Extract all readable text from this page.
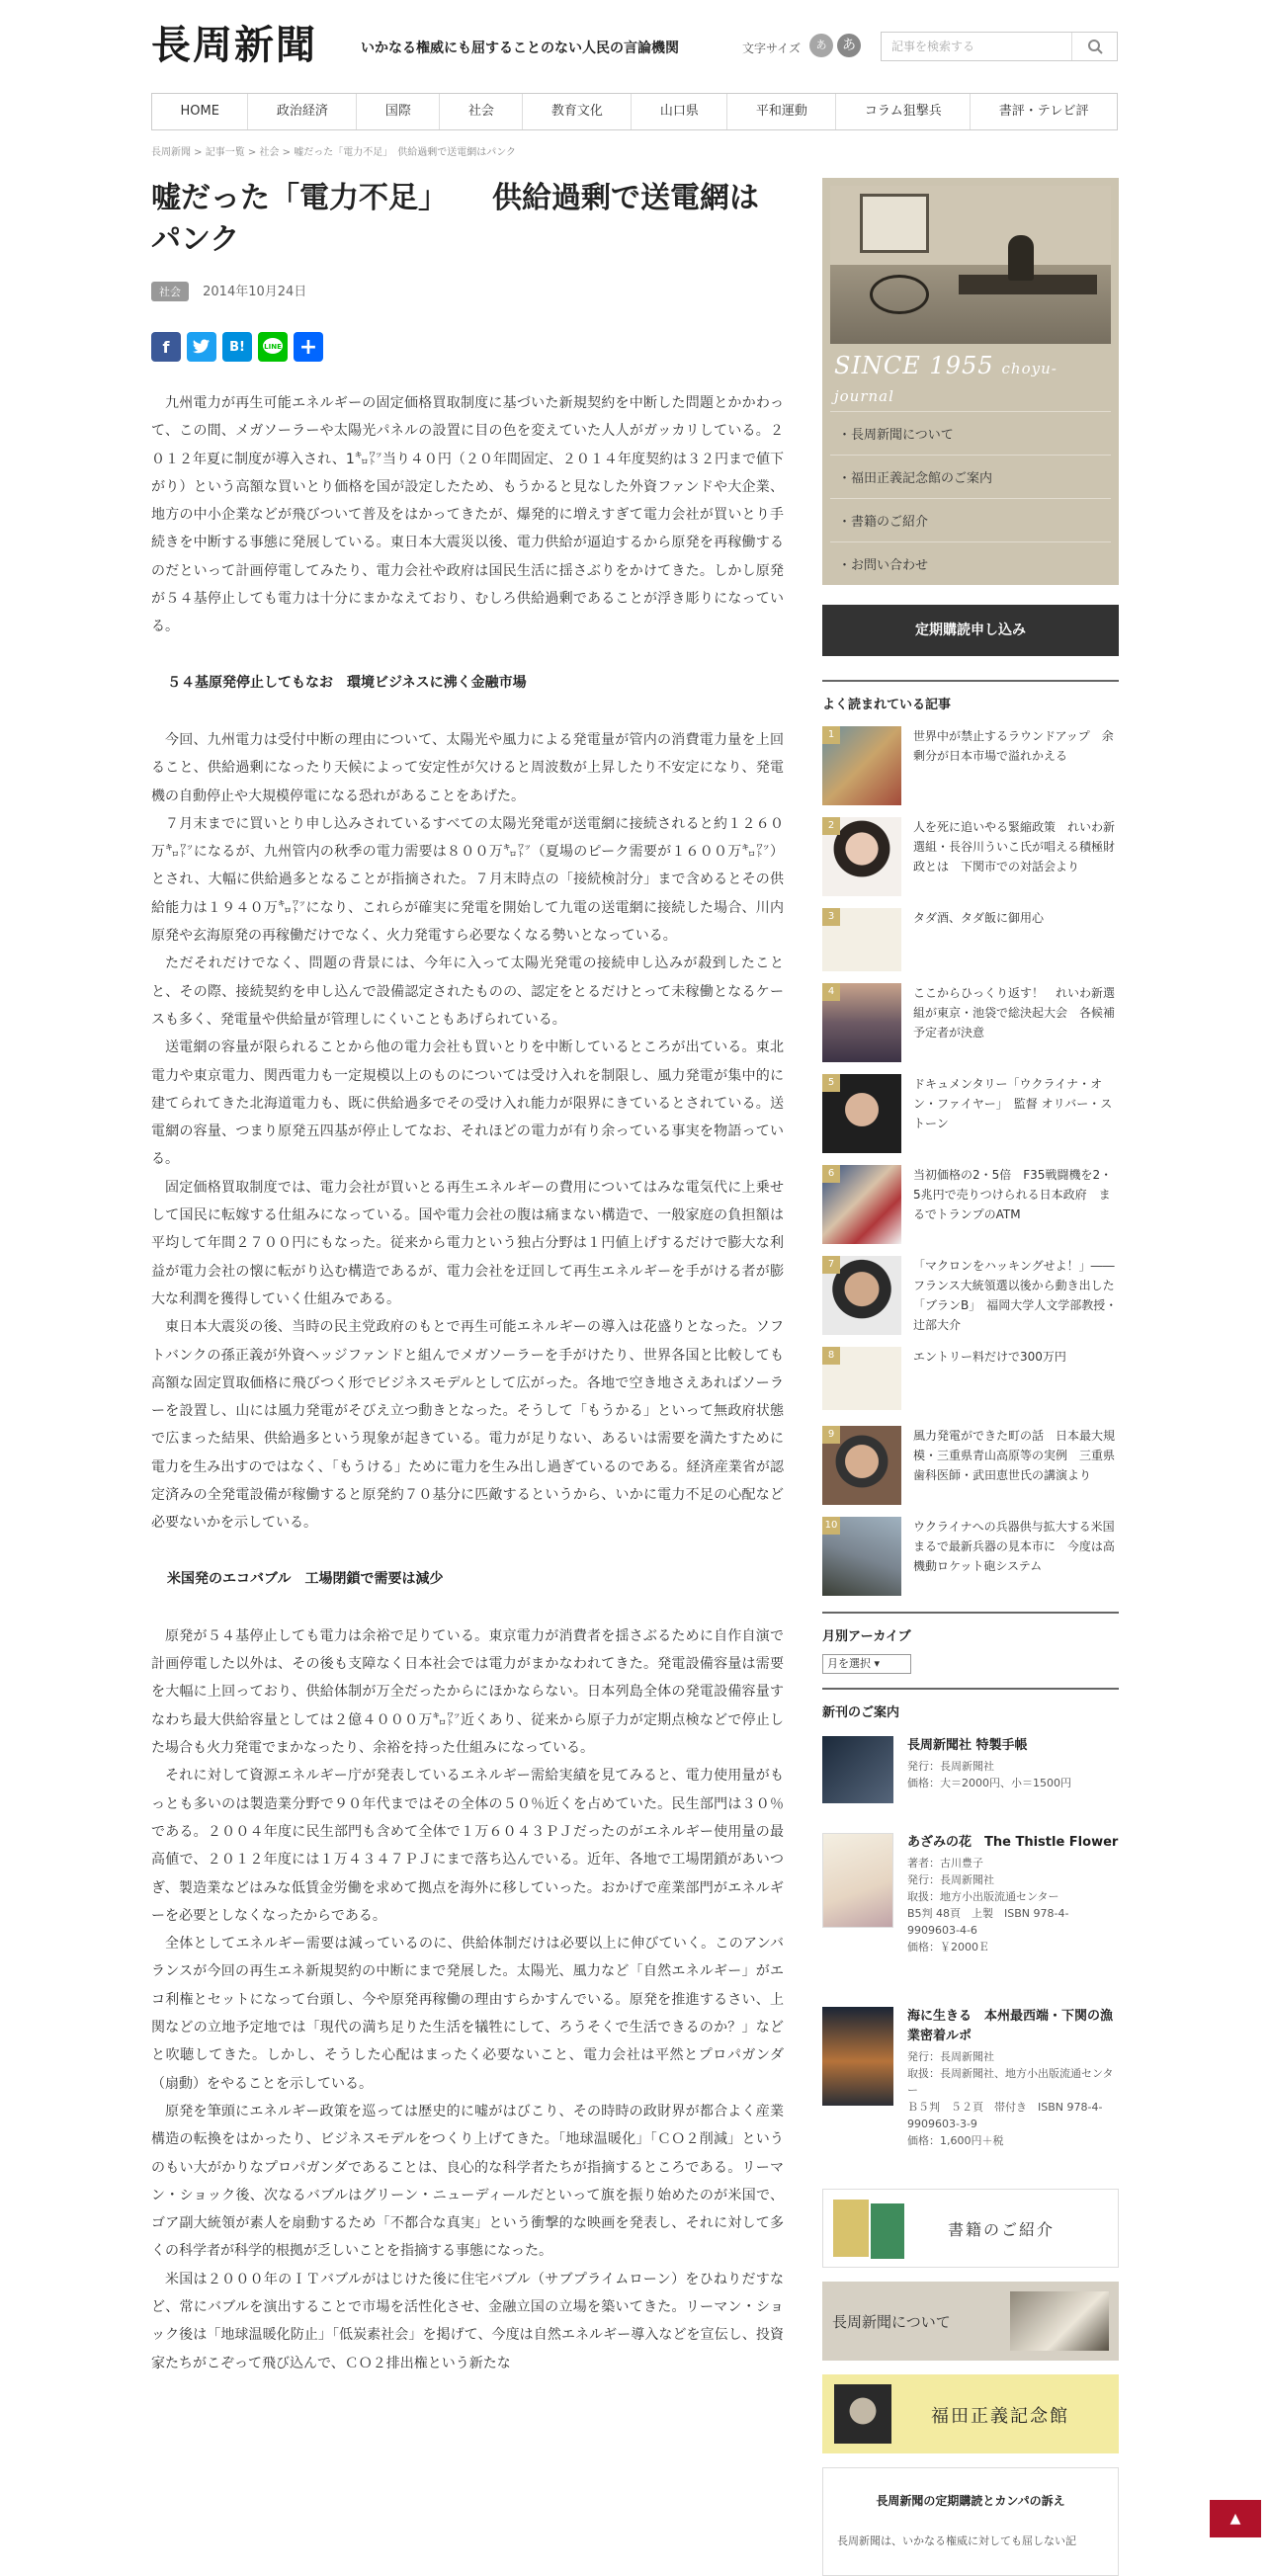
長周新聞	いかなる権威にも屈することのない人民の言論機関	文字サイズ	あ	あ
記事を検索する
HOME	政治経済	国際	社会	教育文化	山口県	平和運動	コラム狙撃兵	書評・テレビ評
長周新聞 > 記事一覧 > 社会 > 嘘だった「電力不足」　供給過剰で送電網はパンク
嘘だった「電力不足」　　供給過剰で送電網はパンク
社会 2014年10月24日
f	B!	LINE +

九州電力が再生可能エネルギーの固定価格買取制度に基づいた新規契約を中断した問題とかかわって、この間、メガソーラーや太陽光パネルの設置に目の色を変えていた人人がガッカリしている。２０１２年夏に制度が導入され、1㌔㍗当り４０円（２０年間固定、２０１４年度契約は３２円まで値下がり）という高額な買いとり価格を国が設定したため、もうかると見なした外資ファンドや大企業、地方の中小企業などが飛びついて普及をはかってきたが、爆発的に増えすぎて電力会社が買いとり手続きを中断する事態に発展している。東日本大震災以後、電力供給が逼迫するから原発を再稼働するのだといって計画停電してみたり、電力会社や政府は国民生活に揺さぶりをかけてきた。しかし原発が５４基停止しても電力は十分にまかなえており、むしろ供給過剰であることが浮き彫りになっている。

５４基原発停止してもなお　環境ビジネスに沸く金融市場

今回、九州電力は受付中断の理由について、太陽光や風力による発電量が管内の消費電力量を上回ること、供給過剰になったり天候によって安定性が欠けると周波数が上昇したり不安定になり、発電機の自動停止や大規模停電になる恐れがあることをあげた。

７月末までに買いとり申し込みされているすべての太陽光発電が送電網に接続されると約１２６０万㌔㍗になるが、九州管内の秋季の電力需要は８００万㌔㍗（夏場のピーク需要が１６００万㌔㍗）とされ、大幅に供給過多となることが指摘された。７月末時点の「接続検討分」まで含めるとその供給能力は１９４０万㌔㍗になり、これらが確実に発電を開始して九電の送電網に接続した場合、川内原発や玄海原発の再稼働だけでなく、火力発電すら必要なくなる勢いとなっている。

ただそれだけでなく、問題の背景には、今年に入って太陽光発電の接続申し込みが殺到したことと、その際、接続契約を申し込んで設備認定されたものの、認定をとるだけとって未稼働となるケースも多く、発電量や供給量が管理しにくいこともあげられている。

送電網の容量が限られることから他の電力会社も買いとりを中断しているところが出ている。東北電力や東京電力、関西電力も一定規模以上のものについては受け入れを制限し、風力発電が集中的に建てられてきた北海道電力も、既に供給過多でその受け入れ能力が限界にきているとされている。送電網の容量、つまり原発五四基が停止してなお、それほどの電力が有り余っている事実を物語っている。

固定価格買取制度では、電力会社が買いとる再生エネルギーの費用についてはみな電気代に上乗せして国民に転嫁する仕組みになっている。国や電力会社の腹は痛まない構造で、一般家庭の負担額は平均して年間２７００円にもなった。従来から電力という独占分野は１円値上げするだけで膨大な利益が電力会社の懐に転がり込む構造であるが、電力会社を迂回して再生エネルギーを手がける者が膨大な利潤を獲得していく仕組みである。

東日本大震災の後、当時の民主党政府のもとで再生可能エネルギーの導入は花盛りとなった。ソフトバンクの孫正義が外資ヘッジファンドと組んでメガソーラーを手がけたり、世界各国と比較しても高額な固定買取価格に飛びつく形でビジネスモデルとして広がった。各地で空き地さえあればソーラーを設置し、山には風力発電がそびえ立つ動きとなった。そうして「もうかる」といって無政府状態で広まった結果、供給過多という現象が起きている。電力が足りない、あるいは需要を満たすために電力を生み出すのではなく、「もうける」ために電力を生み出し過ぎているのである。経済産業省が認定済みの全発電設備が稼働すると原発約７０基分に匹敵するというから、いかに電力不足の心配など必要ないかを示している。

米国発のエコバブル　工場閉鎖で需要は減少

原発が５４基停止しても電力は余裕で足りている。東京電力が消費者を揺さぶるために自作自演で計画停電した以外は、その後も支障なく日本社会では電力がまかなわれてきた。発電設備容量は需要を大幅に上回っており、供給体制が万全だったからにほかならない。日本列島全体の発電設備容量すなわち最大供給容量としては２億４０００万㌔㍗近くあり、従来から原子力が定期点検などで停止した場合も火力発電でまかなったり、余裕を持った仕組みになっている。

それに対して資源エネルギー庁が発表しているエネルギー需給実績を見てみると、電力使用量がもっとも多いのは製造業分野で９０年代まではその全体の５０％近くを占めていた。民生部門は３０％である。２００４年度に民生部門も含めて全体で１万６０４３ＰＪだったのがエネルギー使用量の最高値で、２０１２年度には１万４３４７ＰＪにまで落ち込んでいる。近年、各地で工場閉鎖があいつぎ、製造業などはみな低賃金労働を求めて拠点を海外に移していった。おかげで産業部門がエネルギーを必要としなくなったからである。

全体としてエネルギー需要は減っているのに、供給体制だけは必要以上に伸びていく。このアンバランスが今回の再生エネ新規契約の中断にまで発展した。太陽光、風力など「自然エネルギー」がエコ利権とセットになって台頭し、今や原発再稼働の理由すらかすんでいる。原発を推進するさい、上関などの立地予定地では「現代の満ち足りた生活を犠牲にして、ろうそくで生活できるのか？」などと吹聴してきた。しかし、そうした心配はまったく必要ないこと、電力会社は平然とプロパガンダ（扇動）をやることを示している。

原発を筆頭にエネルギー政策を巡っては歴史的に嘘がはびこり、その時時の政財界が都合よく産業構造の転換をはかったり、ビジネスモデルをつくり上げてきた。「地球温暖化」「ＣＯ２削減」というのもい大がかりなプロパガンダであることは、良心的な科学者たちが指摘するところである。リーマン・ショック後、次なるバブルはグリーン・ニューディールだといって旗を振り始めたのが米国で、ゴア副大統領が素人を扇動するため「不都合な真実」という衝撃的な映画を発表し、それに対して多くの科学者が科学的根拠が乏しいことを指摘する事態になった。

米国は２０００年のＩＴバブルがはじけた後に住宅バブル（サブプライムローン）をひねりだすなど、常にバブルを演出することで市場を活性化させ、金融立国の立場を築いてきた。リーマン・ショック後は「地球温暖化防止」「低炭素社会」を掲げて、今度は自然エネルギー導入などを宣伝し、投資家たちがこぞって飛び込んで、ＣＯ２排出権という新たな

SINCE 1955 choyu-journal
・長周新聞について
・福田正義記念館のご案内
・書籍のご紹介
・お問い合わせ
定期購読申し込み
よく読まれている記事
1	世界中が禁止するラウンドアップ　余剰分が日本市場で溢れかえる
2	人を死に追いやる緊縮政策　れいわ新選組・長谷川ういこ氏が唱える積極財政とは　下関市での対話会より
3	タダ酒、タダ飯に御用心
4	ここからひっくり返す！　れいわ新選組が東京・池袋で総決起大会　各候補予定者が決意
5	ドキュメンタリー「ウクライナ・オン・ファイヤー」　監督 オリバー・ストーン
6	当初価格の2・5倍　F35戦闘機を2・5兆円で売りつけられる日本政府　まるでトランプのATM
7	「マクロンをハッキングせよ！」――フランス大統領選以後から動き出した「ブランB」　福岡大学人文学部教授・辻部大介
8	エントリー料だけで300万円
9	風力発電ができた町の話　日本最大規模・三重県青山高原等の実例　三重県歯科医師・武田恵世氏の講演より
10	ウクライナへの兵器供与拡大する米国　まるで最新兵器の見本市に　今度は高機動ロケット砲システム
月別アーカイブ
月を選択 ▾
新刊のご案内
長周新聞社 特製手帳
発行：長周新聞社
価格：大＝2000円、小＝1500円
あざみの花　The Thistle Flower
著者：古川豊子
発行：長周新聞社
取扱：地方小出版流通センター
B5判 48頁　上製　ISBN 978-4-9909603-4-6
価格：￥2000Ｅ
海に生きる　本州最西端・下関の漁業密着ルポ
発行：長周新聞社
取扱：長周新聞社、地方小出版流通センター
Ｂ５判　５２頁　帯付き　ISBN 978-4-9909603-3-9
価格：1,600円＋税
書籍のご紹介
長周新聞について
福田正義記念館
長周新聞の定期購読とカンパの訴え
長周新聞は、いかなる権威に対しても屈しない記
▲
